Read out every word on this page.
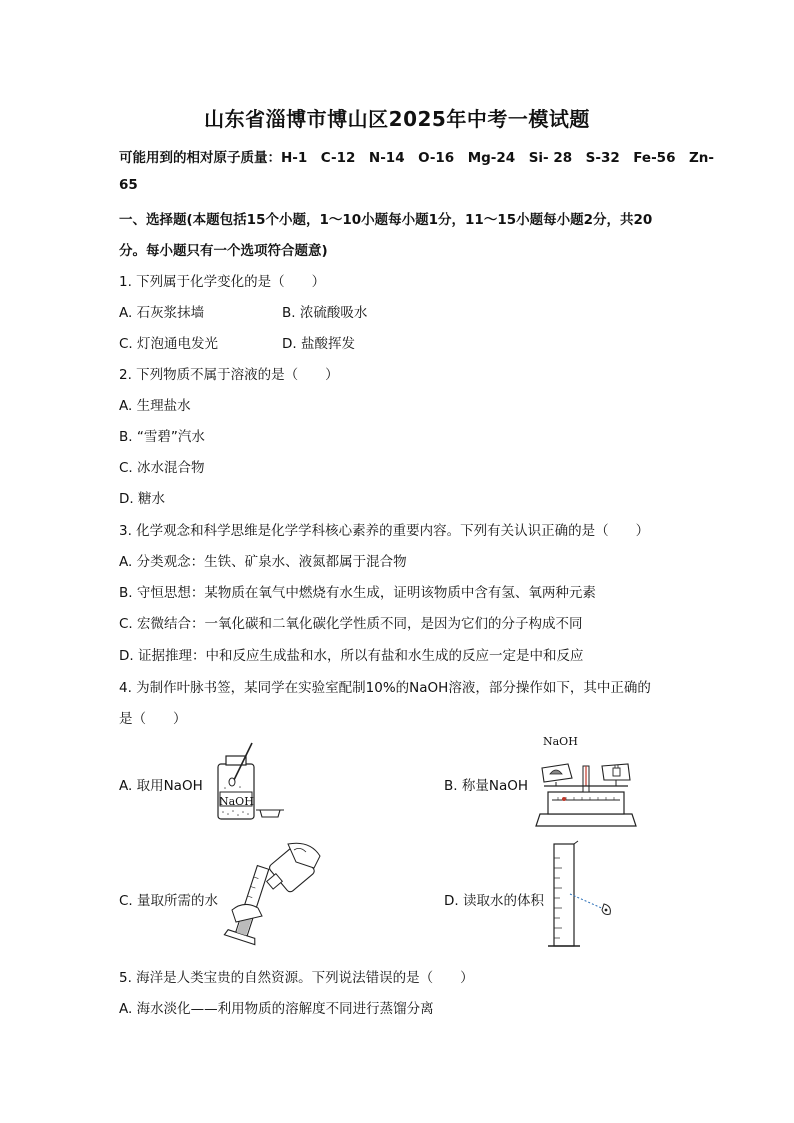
山东省淄博市博山区2025年中考一模试题
可能用到的相对原子质量：H-1　C-12　N-14　O-16　Mg-24　Si- 28　S-32　Fe-56　Zn-
65
一、选择题(本题包括15个小题，1～10小题每小题1分，11～15小题每小题2分，共20
分。每小题只有一个选项符合题意)
1. 下列属于化学变化的是（　　）
A. 石灰浆抹墙	B. 浓硫酸吸水
C. 灯泡通电发光	D. 盐酸挥发
2. 下列物质不属于溶液的是（　　）
A. 生理盐水
B. “雪碧”汽水
C. 冰水混合物
D. 糖水
3. 化学观念和科学思维是化学学科核心素养的重要内容。下列有关认识正确的是（　　）
A. 分类观念：生铁、矿泉水、液氮都属于混合物
B. 守恒思想：某物质在氧气中燃烧有水生成，证明该物质中含有氢、氧两种元素
C. 宏微结合：一氧化碳和二氧化碳化学性质不同，是因为它们的分子构成不同
D. 证据推理：中和反应生成盐和水，所以有盐和水生成的反应一定是中和反应
4. 为制作叶脉书签，某同学在实验室配制10%的NaOH溶液，部分操作如下，其中正确的
是（　　）
A. 取用NaOH
NaOH
B. 称量NaOH
NaOH
C. 量取所需的水	D. 读取水的体积
5. 海洋是人类宝贵的自然资源。下列说法错误的是（　　）
A. 海水淡化——利用物质的溶解度不同进行蒸馏分离
